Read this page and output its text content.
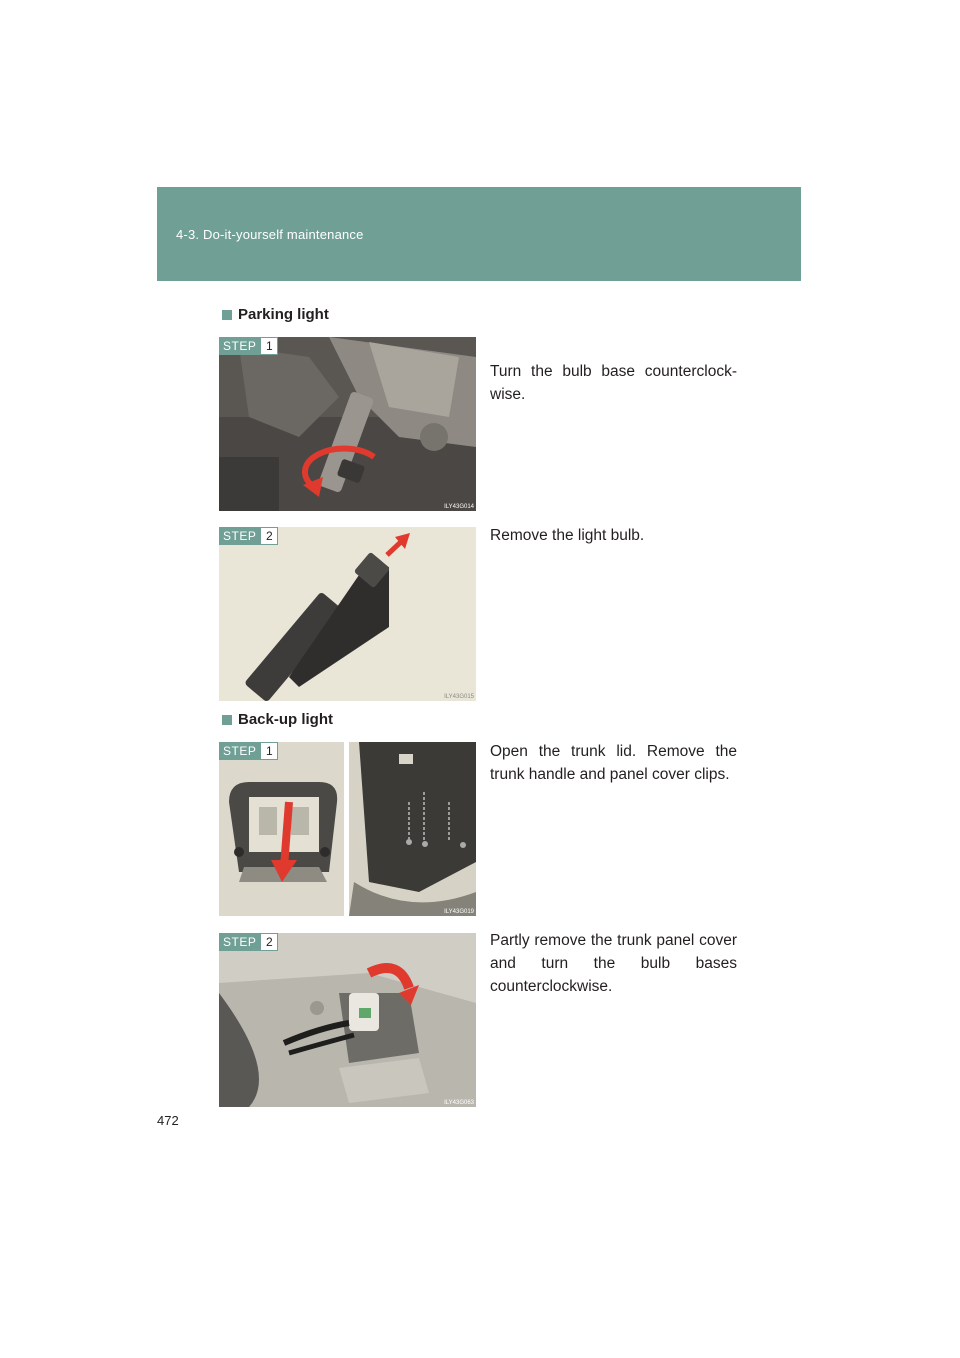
4-3. Do-it-yourself maintenance
Parking light
STEP 1
ILY43G014
Turn the bulb base counterclock-wise.
STEP 2
ILY43G015
Remove the light bulb.
Back-up light
STEP 1
ILY43G019
Open the trunk lid. Remove the trunk handle and panel cover clips.
STEP 2
ILY43G063
Partly remove the trunk panel cover and turn the bulb bases counterclockwise.
472
